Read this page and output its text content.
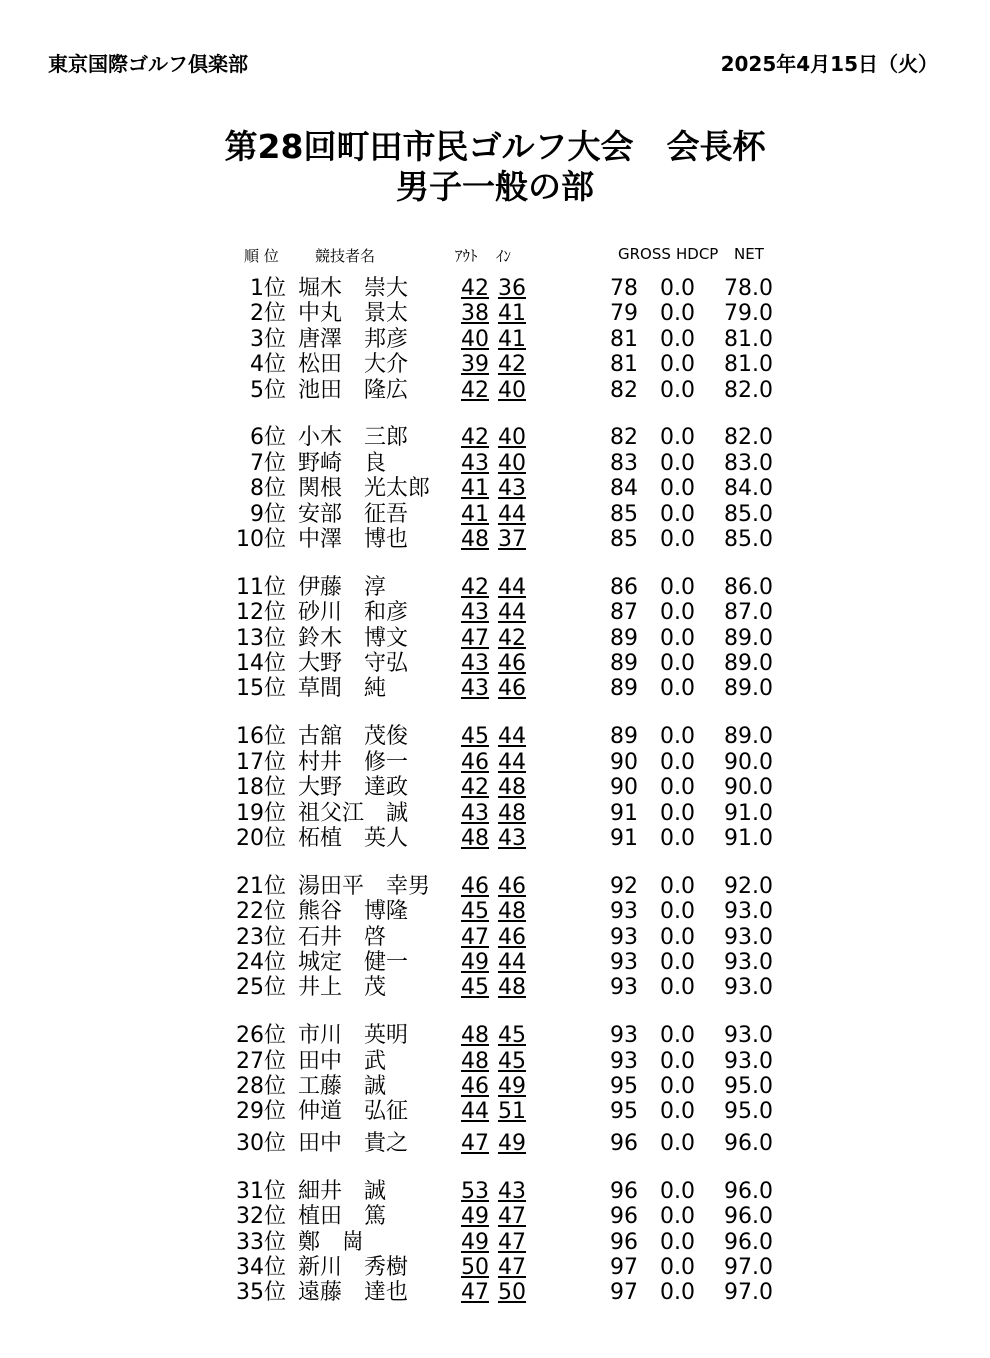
東京国際ゴルフ倶楽部	2025年4月15日（火）
第28回町田市民ゴルフ大会　会長杯
男子一般の部
順 位 競技者名	ｱｳﾄ ｲﾝ	GROSS HDCP NET
1位 堀木　崇大 42 36	78 0.0 78.0
2位 中丸　景太 38 41	79 0.0 79.0
3位 唐澤　邦彦 40 41	81 0.0 81.0
4位 松田　大介 39 42	81 0.0 81.0
5位 池田　隆広 42 40	82 0.0 82.0
6位 小木　三郎 42 40	82 0.0 82.0
7位 野崎　良	43 40	83 0.0 83.0
8位 関根　光太郎 41 43	84 0.0 84.0
9位 安部　征吾 41 44	85 0.0 85.0
10位 中澤　博也 48 37	85 0.0 85.0
11位 伊藤　淳	42 44	86 0.0 86.0
12位 砂川　和彦 43 44	87 0.0 87.0
13位 鈴木　博文 47 42	89 0.0 89.0
14位 大野　守弘 43 46	89 0.0 89.0
15位 草間　純	43 46	89 0.0 89.0
16位 古舘　茂俊 45 44	89 0.0 89.0
17位 村井　修一 46 44	90 0.0 90.0
18位 大野　達政 42 48	90 0.0 90.0
19位 祖父江　誠 43 48	91 0.0 91.0
20位 柘植　英人 48 43	91 0.0 91.0
21位 湯田平　幸男 46 46	92 0.0 92.0
22位 熊谷　博隆 45 48	93 0.0 93.0
23位 石井　啓	47 46	93 0.0 93.0
24位 城定　健一 49 44	93 0.0 93.0
25位 井上　茂	45 48	93 0.0 93.0
26位 市川　英明 48 45	93 0.0 93.0
27位 田中　武	48 45	93 0.0 93.0
28位 工藤　誠	46 49	95 0.0 95.0
29位 仲道　弘征 44 51	95 0.0 95.0
30位 田中　貴之 47 49	96 0.0 96.0
31位 細井　誠	53 43	96 0.0 96.0
32位 植田　篤	49 47	96 0.0 96.0
33位 鄭　崗	49 47	96 0.0 96.0
34位 新川　秀樹 50 47	97 0.0 97.0
35位 遠藤　達也 47 50	97 0.0 97.0
